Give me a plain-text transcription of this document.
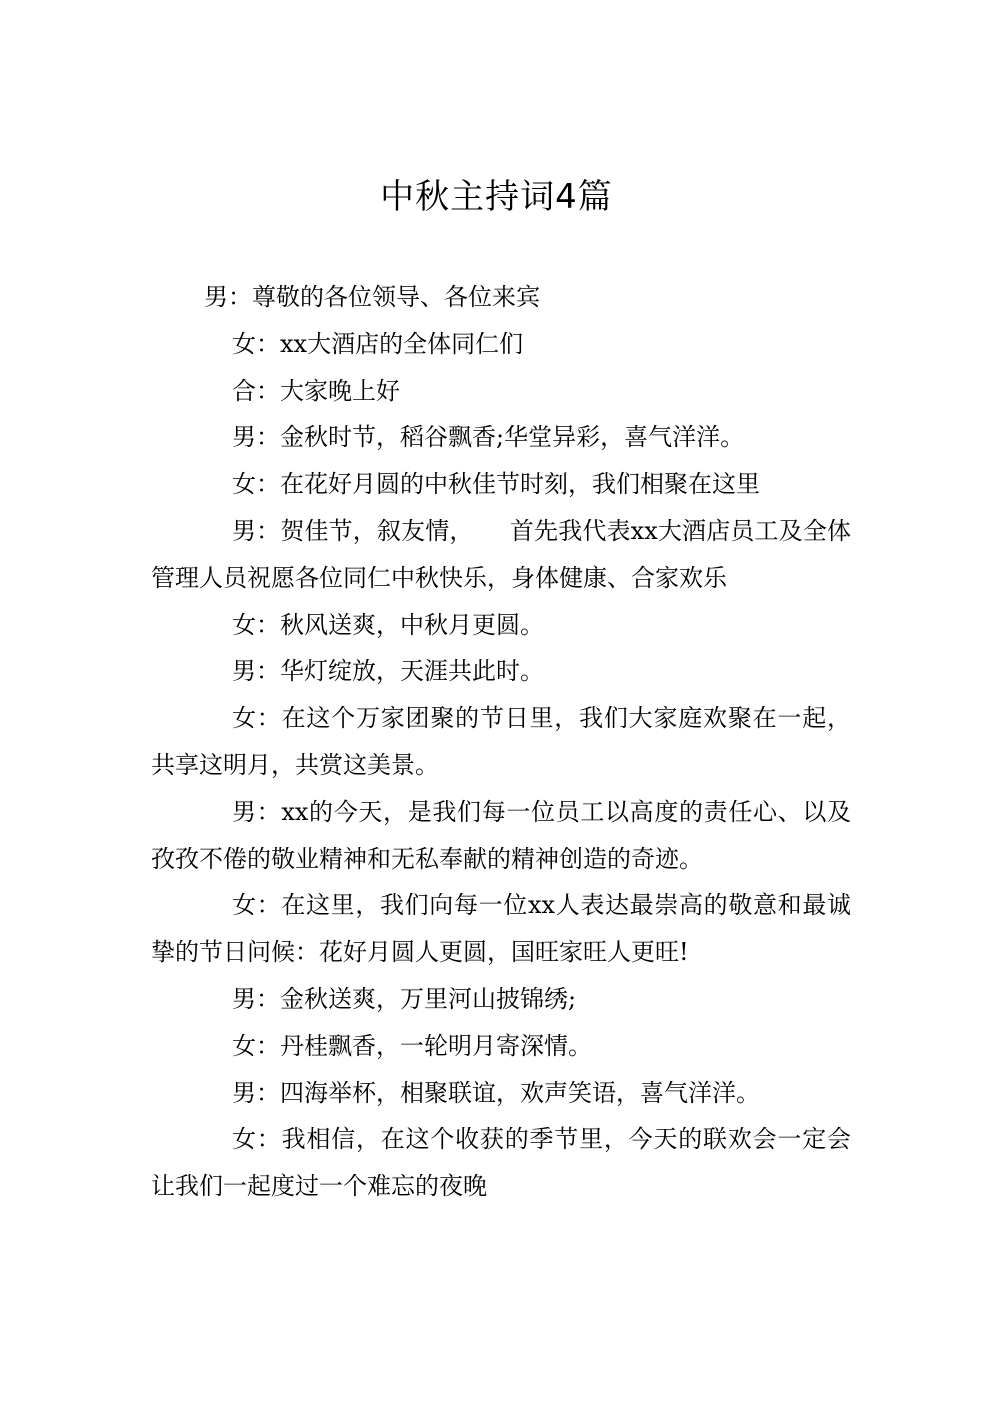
中秋主持词4篇

男：尊敬的各位领导、各位来宾

女：xx大酒店的全体同仁们

合：大家晚上好

男：金秋时节，稻谷飘香;华堂异彩，喜气洋洋。

女：在花好月圆的中秋佳节时刻，我们相聚在这里

男：贺佳节，叙友情，　　首先我代表xx大酒店员工及全体管理人员祝愿各位同仁中秋快乐，身体健康、合家欢乐

女：秋风送爽，中秋月更圆。

男：华灯绽放，天涯共此时。

女：在这个万家团聚的节日里，我们大家庭欢聚在一起，共享这明月，共赏这美景。

男：xx的今天，是我们每一位员工以高度的责任心、以及孜孜不倦的敬业精神和无私奉献的精神创造的奇迹。

女：在这里，我们向每一位xx人表达最崇高的敬意和最诚挚的节日问候：花好月圆人更圆，国旺家旺人更旺!

男：金秋送爽，万里河山披锦绣;

女：丹桂飘香，一轮明月寄深情。

男：四海举杯，相聚联谊，欢声笑语，喜气洋洋。

女：我相信，在这个收获的季节里，今天的联欢会一定会让我们一起度过一个难忘的夜晚
